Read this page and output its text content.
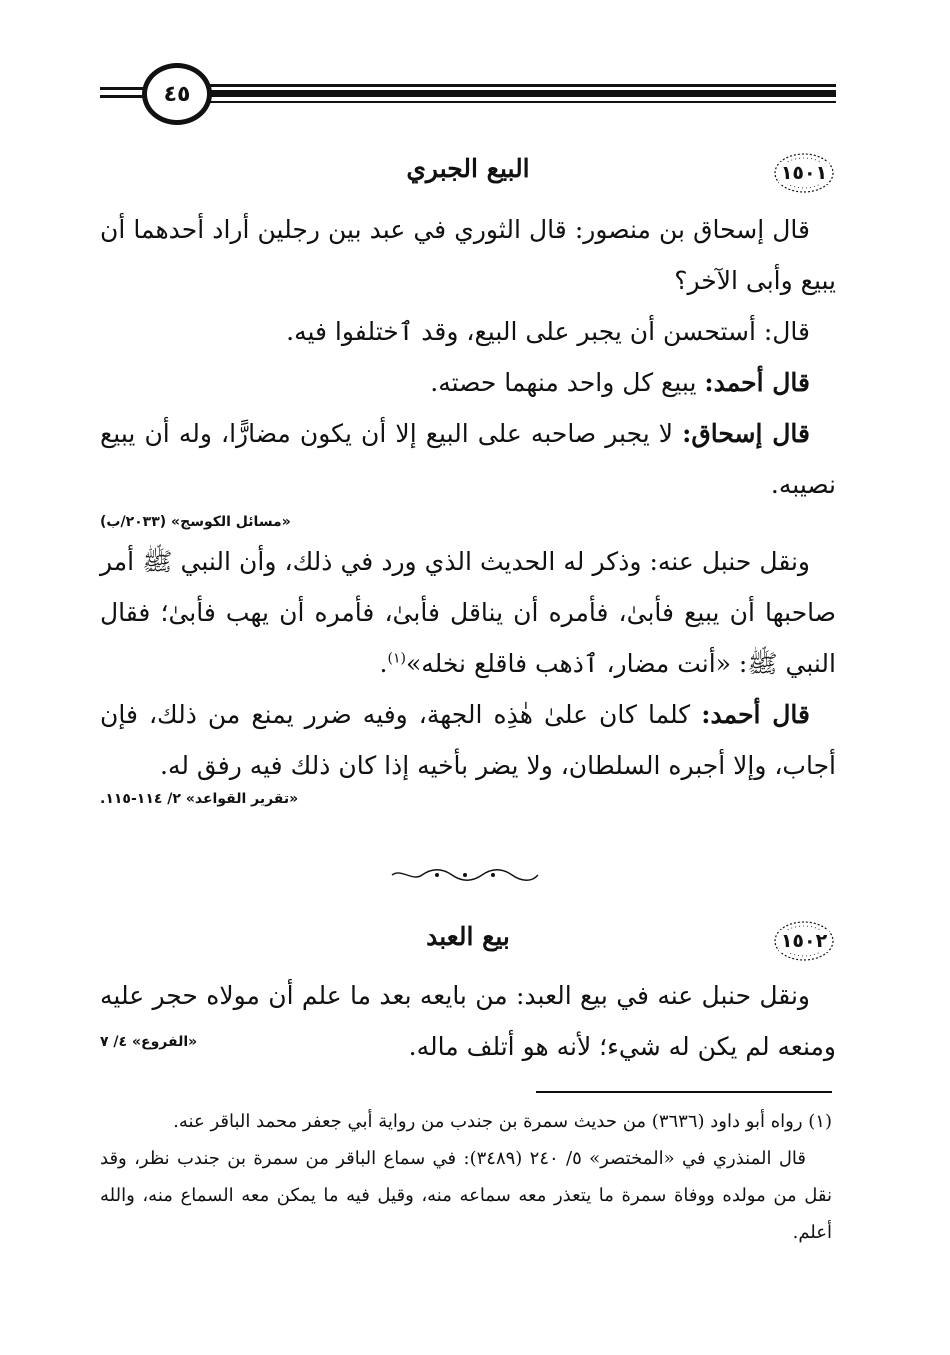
٤٥
١٥٠١
البيع الجبري

قال إسحاق بن منصور: قال الثوري في عبد بين رجلين أراد أحدهما أن يبيع وأبى الآخر؟

قال: أستحسن أن يجبر على البيع، وقد ٱختلفوا فيه.

قال أحمد: يبيع كل واحد منهما حصته.

قال إسحاق: لا يجبر صاحبه على البيع إلا أن يكون مضارًّا، وله أن يبيع نصيبه.

«مسائل الكوسج» (٢٠٣٣/ب)

ونقل حنبل عنه: وذكر له الحديث الذي ورد في ذلك، وأن النبي ﷺ أمر صاحبها أن يبيع فأبىٰ، فأمره أن يناقل فأبىٰ، فأمره أن يهب فأبىٰ؛ فقال النبي ﷺ: «أنت مضار، ٱذهب فاقلع نخله»$^{(١)}$.

قال أحمد: كلما كان علىٰ هٰذِه الجهة، وفيه ضرر يمنع من ذلك، فإن أجاب، وإلا أجبره السلطان، ولا يضر بأخيه إذا كان ذلك فيه رفق له.

«تقرير القواعد» ٢/ ١١٤-١١٥.

١٥٠٢
بيع العبد

ونقل حنبل عنه في بيع العبد: من بايعه بعد ما علم أن مولاه حجر عليه ومنعه لم يكن له شيء؛ لأنه هو أتلف ماله.

«الفروع» ٤/ ٧

(١) رواه أبو داود (٣٦٣٦) من حديث سمرة بن جندب من رواية أبي جعفر محمد الباقر عنه.

قال المنذري في «المختصر» ٥/ ٢٤٠ (٣٤٨٩): في سماع الباقر من سمرة بن جندب نظر، وقد نقل من مولده ووفاة سمرة ما يتعذر معه سماعه منه، وقيل فيه ما يمكن معه السماع منه، والله أعلم.
